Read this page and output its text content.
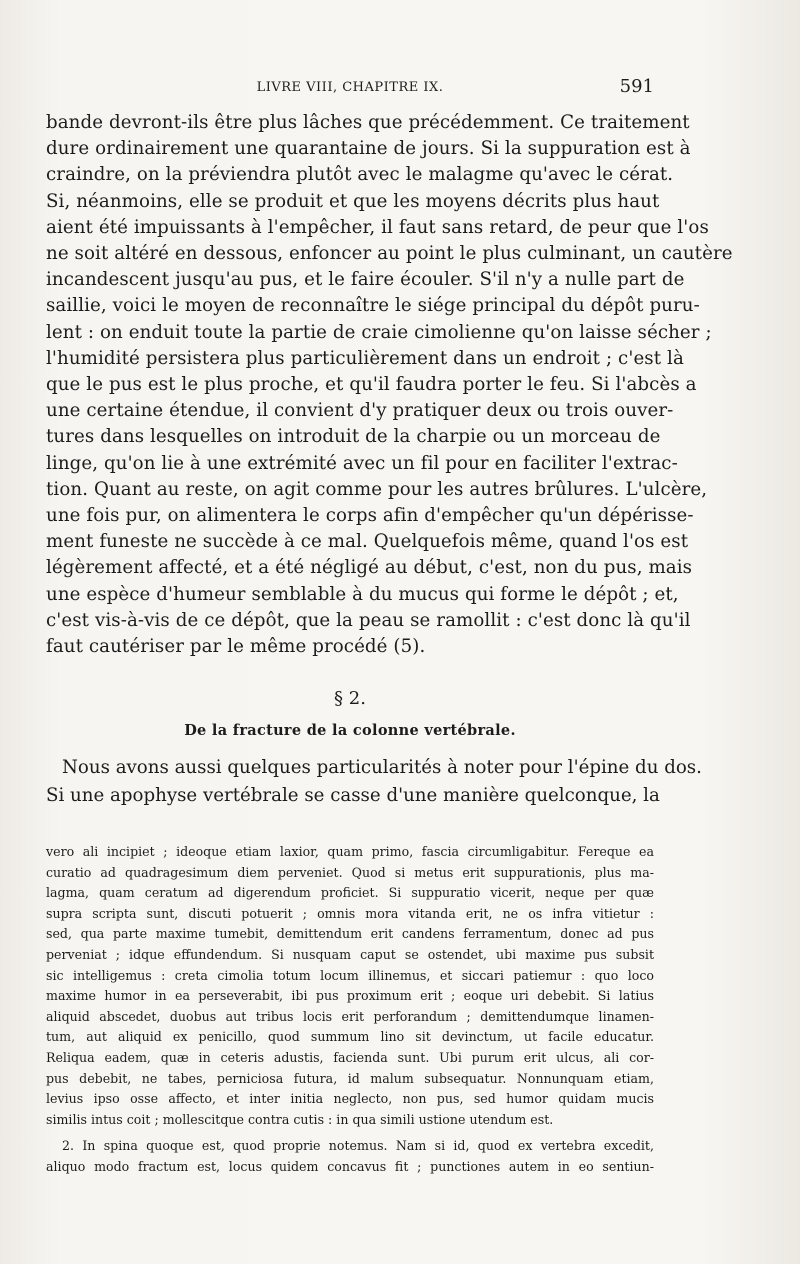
LIVRE VIII, CHAPITRE IX.	591
bande devront-ils être plus lâches que précédemment. Ce traitement
dure ordinairement une quarantaine de jours. Si la suppuration est à
craindre, on la préviendra plutôt avec le malagme qu'avec le cérat.
Si, néanmoins, elle se produit et que les moyens décrits plus haut
aient été impuissants à l'empêcher, il faut sans retard, de peur que l'os
ne soit altéré en dessous, enfoncer au point le plus culminant, un cautère
incandescent jusqu'au pus, et le faire écouler. S'il n'y a nulle part de
saillie, voici le moyen de reconnaître le siége principal du dépôt puru-
lent : on enduit toute la partie de craie cimolienne qu'on laisse sécher ;
l'humidité persistera plus particulièrement dans un endroit ; c'est là
que le pus est le plus proche, et qu'il faudra porter le feu. Si l'abcès a
une certaine étendue, il convient d'y pratiquer deux ou trois ouver-
tures dans lesquelles on introduit de la charpie ou un morceau de
linge, qu'on lie à une extrémité avec un fil pour en faciliter l'extrac-
tion. Quant au reste, on agit comme pour les autres brûlures. L'ulcère,
une fois pur, on alimentera le corps afin d'empêcher qu'un dépérisse-
ment funeste ne succède à ce mal. Quelquefois même, quand l'os est
légèrement affecté, et a été négligé au début, c'est, non du pus, mais
une espèce d'humeur semblable à du mucus qui forme le dépôt ; et,
c'est vis-à-vis de ce dépôt, que la peau se ramollit : c'est donc là qu'il
faut cautériser par le même procédé (5).
§ 2.
De la fracture de la colonne vertébrale.
Nous avons aussi quelques particularités à noter pour l'épine du dos.
Si une apophyse vertébrale se casse d'une manière quelconque, la
vero ali incipiet ; ideoque etiam laxior, quam primo, fascia circumligabitur. Fereque ea
curatio ad quadragesimum diem perveniet. Quod si metus erit suppurationis, plus ma-
lagma, quam ceratum ad digerendum proficiet. Si suppuratio vicerit, neque per quæ
supra scripta sunt, discuti potuerit ; omnis mora vitanda erit, ne os infra vitietur :
sed, qua parte maxime tumebit, demittendum erit candens ferramentum, donec ad pus
perveniat ; idque effundendum. Si nusquam caput se ostendet, ubi maxime pus subsit
sic intelligemus : creta cimolia totum locum illinemus, et siccari patiemur : quo loco
maxime humor in ea perseverabit, ibi pus proximum erit ; eoque uri debebit. Si latius
aliquid abscedet, duobus aut tribus locis erit perforandum ; demittendumque linamen-
tum, aut aliquid ex penicillo, quod summum lino sit devinctum, ut facile educatur.
Reliqua eadem, quæ in ceteris adustis, facienda sunt. Ubi purum erit ulcus, ali cor-
pus debebit, ne tabes, perniciosa futura, id malum subsequatur. Nonnunquam etiam,
levius ipso osse affecto, et inter initia neglecto, non pus, sed humor quidam mucis
similis intus coit ; mollescitque contra cutis : in qua simili ustione utendum est.
2. In spina quoque est, quod proprie notemus. Nam si id, quod ex vertebra excedit,
aliquo modo fractum est, locus quidem concavus fit ; punctiones autem in eo sentiun-
